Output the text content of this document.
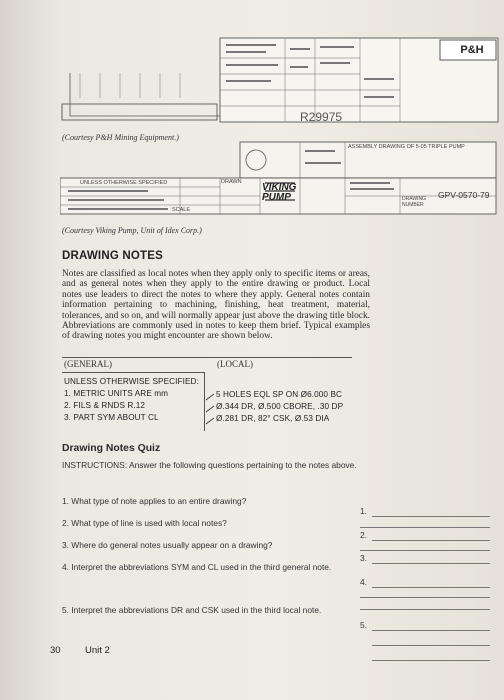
P&H
R29975
(Courtesy P&H Mining Equipment.)
UNLESS OTHERWISE SPECIFIED	DRAWN
ASSEMBLY DRAWING OF 5-05 TRIPLE PUMP
VIKING
PUMP	DRAWING NUMBER
GPV-0570-79
SCALE
(Courtesy Viking Pump, Unit of Idex Corp.)
DRAWING NOTES
Notes are classified as local notes when they apply only to specific items or areas, and as general notes when they apply to the entire drawing or product. Local notes use leaders to direct the notes to where they apply. General notes contain information pertaining to machining, finishing, heat treatment, material, tolerances, and so on, and will normally appear just above the drawing title block. Abbreviations are commonly used in notes to keep them brief. Typical examples of drawing notes you might encounter are shown below.
(GENERAL)	(LOCAL)
UNLESS OTHERWISE SPECIFIED:
1. METRIC UNITS ARE mm
2. FILS & RNDS R.12
3. PART SYM ABOUT CL
5 HOLES EQL SP ON Ø6.000 BC
Ø.344 DR, Ø.500 CBORE, .30 DP
Ø.281 DR, 82° CSK, Ø.53 DIA
Drawing Notes Quiz
INSTRUCTIONS: Answer the following questions pertaining to the notes above.
1. What type of note applies to an entire drawing?
2. What type of line is used with local notes?
3. Where do general notes usually appear on a drawing?
4. Interpret the abbreviations SYM and CL used in the third general note.
5. Interpret the abbreviations DR and CSK used in the third local note.
1.
2.
3.
4.
5.
30	Unit 2
